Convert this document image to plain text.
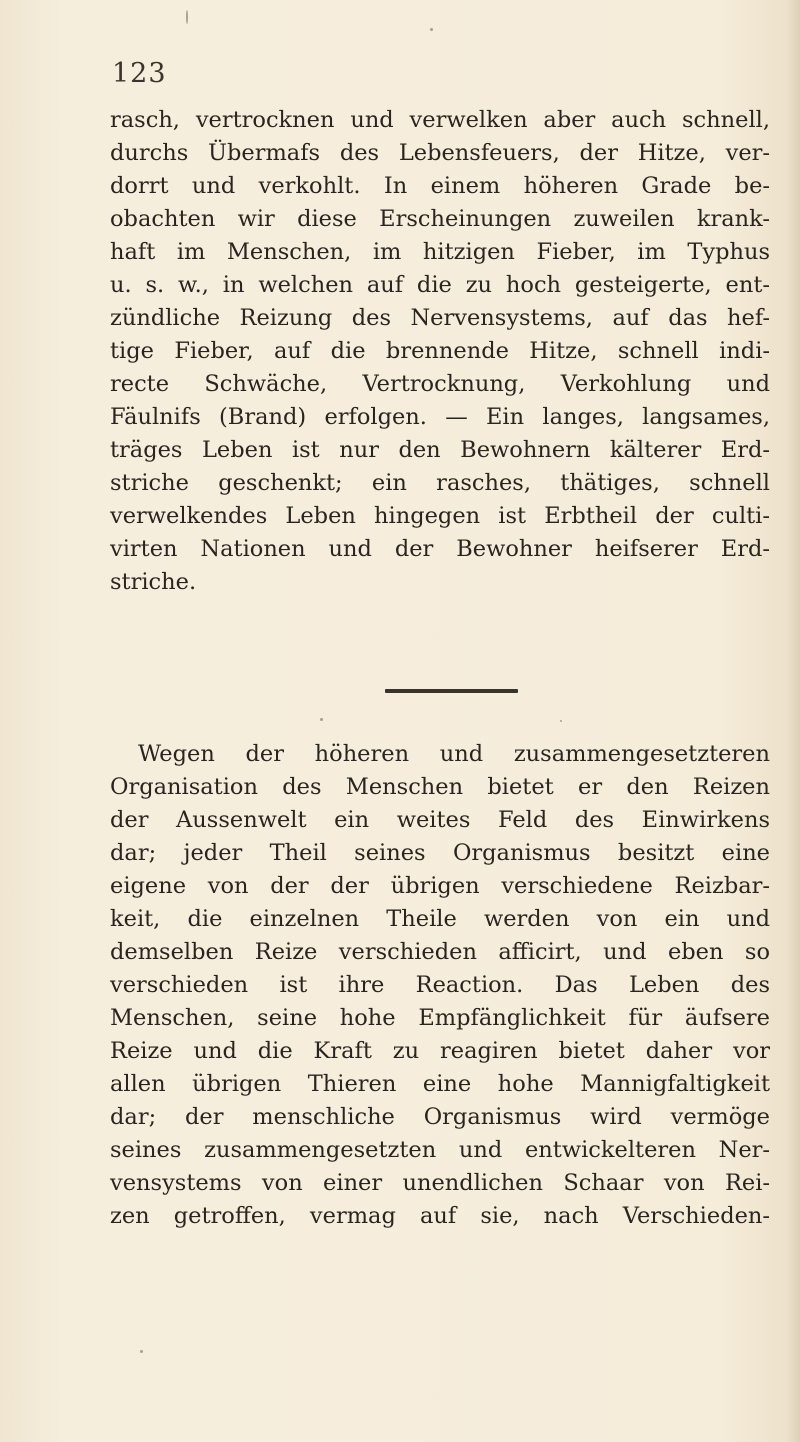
123
rasch, vertrocknen und verwelken aber auch schnell,
durchs Übermafs des Lebensfeuers, der Hitze, ver-
dorrt und verkohlt. In einem höheren Grade be-
obachten wir diese Erscheinungen zuweilen krank-
haft im Menschen, im hitzigen Fieber, im Typhus
u. s. w., in welchen auf die zu hoch gesteigerte, ent-
zündliche Reizung des Nervensystems, auf das hef-
tige Fieber, auf die brennende Hitze, schnell indi-
recte Schwäche, Vertrocknung, Verkohlung und
Fäulnifs (Brand) erfolgen. — Ein langes, langsames,
träges Leben ist nur den Bewohnern kälterer Erd-
striche geschenkt; ein rasches, thätiges, schnell
verwelkendes Leben hingegen ist Erbtheil der culti-
virten Nationen und der Bewohner heifserer Erd-
striche.
Wegen der höheren und zusammengesetzteren
Organisation des Menschen bietet er den Reizen
der Aussenwelt ein weites Feld des Einwirkens
dar; jeder Theil seines Organismus besitzt eine
eigene von der der übrigen verschiedene Reizbar-
keit, die einzelnen Theile werden von ein und
demselben Reize verschieden afficirt, und eben so
verschieden ist ihre Reaction. Das Leben des
Menschen, seine hohe Empfänglichkeit für äufsere
Reize und die Kraft zu reagiren bietet daher vor
allen übrigen Thieren eine hohe Mannigfaltigkeit
dar; der menschliche Organismus wird vermöge
seines zusammengesetzten und entwickelteren Ner-
vensystems von einer unendlichen Schaar von Rei-
zen getroffen, vermag auf sie, nach Verschieden-
